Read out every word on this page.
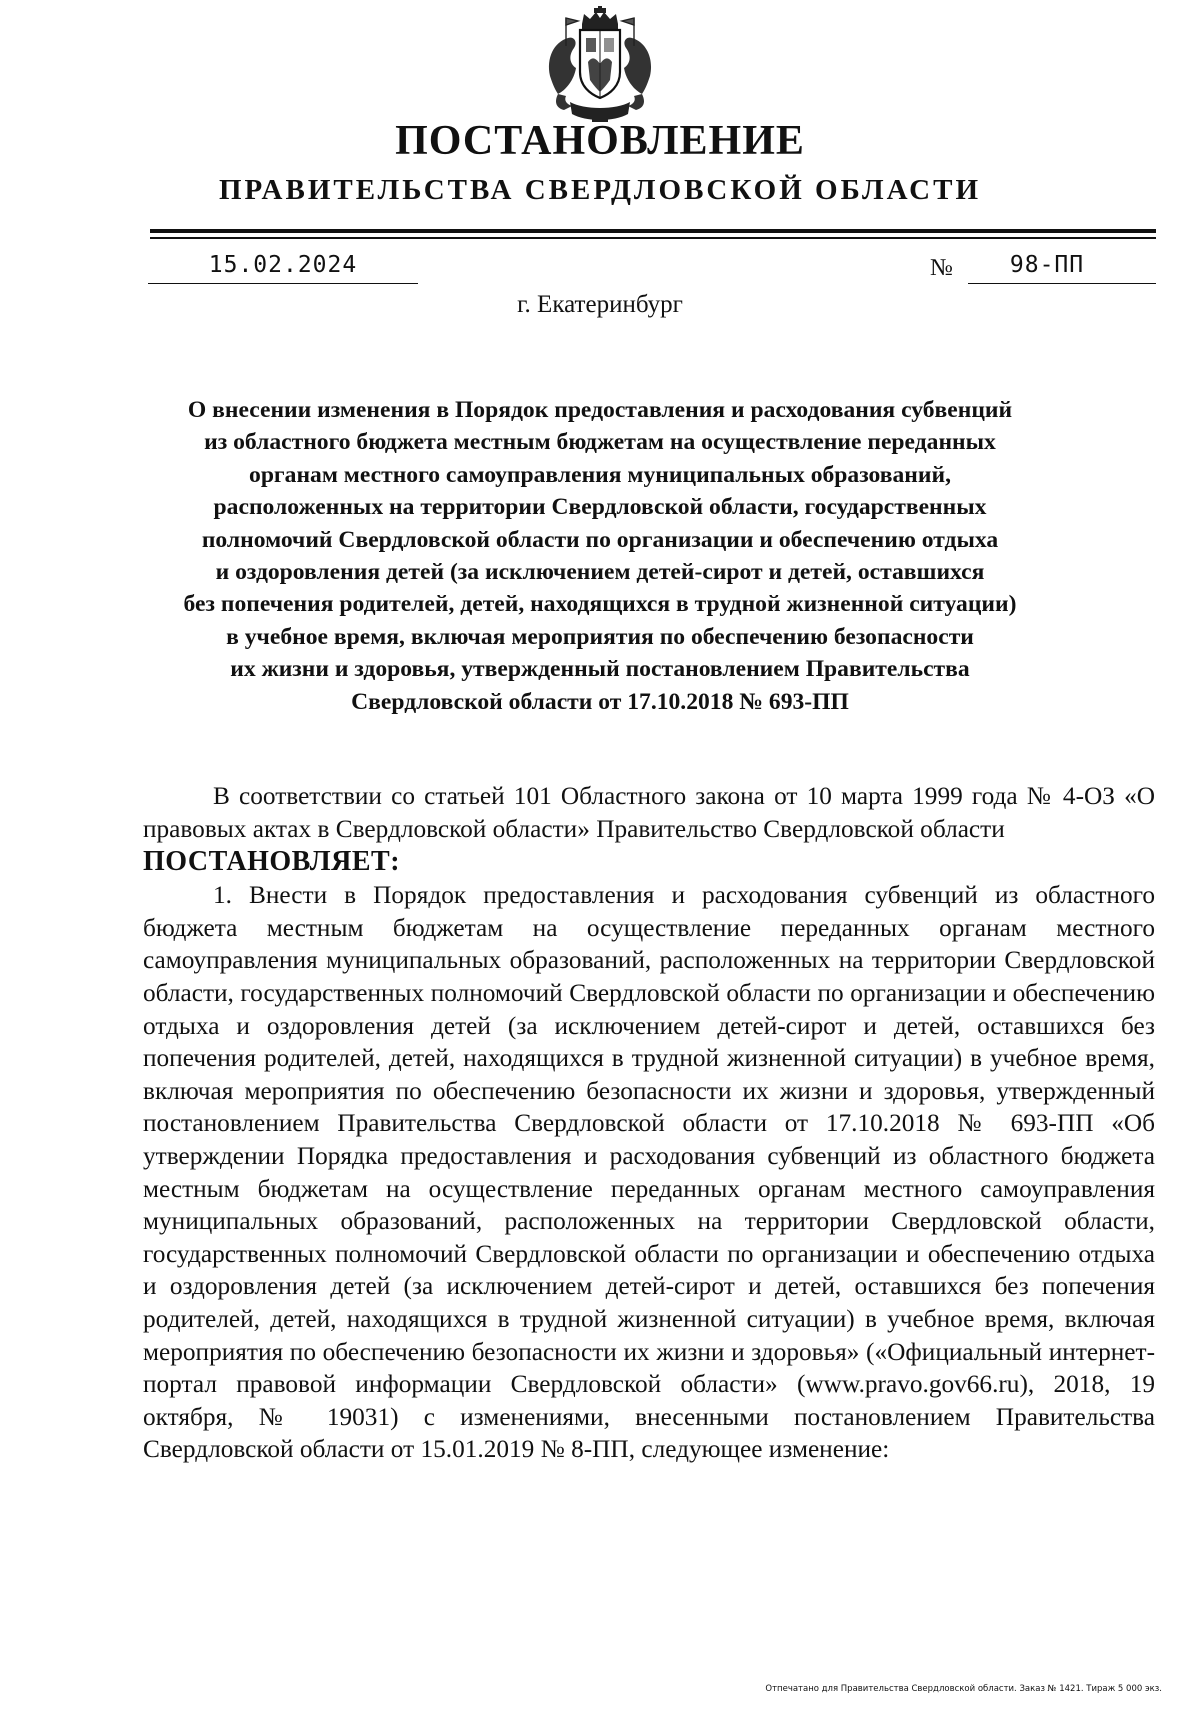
ПОСТАНОВЛЕНИЕ
ПРАВИТЕЛЬСТВА СВЕРДЛОВСКОЙ ОБЛАСТИ
15.02.2024	№	98-ПП
г. Екатеринбург
О внесении изменения в Порядок предоставления и расходования субвенций
из областного бюджета местным бюджетам на осуществление переданных
органам местного самоуправления муниципальных образований,
расположенных на территории Свердловской области, государственных
полномочий Свердловской области по организации и обеспечению отдыха
и оздоровления детей (за исключением детей-сирот и детей, оставшихся
без попечения родителей, детей, находящихся в трудной жизненной ситуации)
в учебное время, включая мероприятия по обеспечению безопасности
их жизни и здоровья, утвержденный постановлением Правительства
Свердловской области от 17.10.2018 № 693-ПП

В соответствии со статьей 101 Областного закона от 10 марта 1999 года № 4-ОЗ «О правовых актах в Свердловской области» Правительство Свердловской области

ПОСТАНОВЛЯЕТ:

1. Внести в Порядок предоставления и расходования субвенций из областного бюджета местным бюджетам на осуществление переданных органам местного самоуправления муниципальных образований, расположенных на территории Свердловской области, государственных полномочий Свердловской области по организации и обеспечению отдыха и оздоровления детей (за исключением детей-сирот и детей, оставшихся без попечения родителей, детей, находящихся в трудной жизненной ситуации) в учебное время, включая мероприятия по обеспечению безопасности их жизни и здоровья, утвержденный постановлением Правительства Свердловской области от 17.10.2018 № 693-ПП «Об утверждении Порядка предоставления и расходования субвенций из областного бюджета местным бюджетам на осуществление переданных органам местного самоуправления муниципальных образований, расположенных на территории Свердловской области, государственных полномочий Свердловской области по организации и обеспечению отдыха и оздоровления детей (за исключением детей-сирот и детей, оставшихся без попечения родителей, детей, находящихся в трудной жизненной ситуации) в учебное время, включая мероприятия по обеспечению безопасности их жизни и здоровья» («Официальный интернет-портал правовой информации Свердловской области» (www.pravo.gov66.ru), 2018, 19 октября, № 19031) с изменениями, внесенными постановлением Правительства Свердловской области от 15.01.2019 № 8-ПП, следующее изменение:

Отпечатано для Правительства Свердловской области. Заказ № 1421. Тираж 5 000 экз.
